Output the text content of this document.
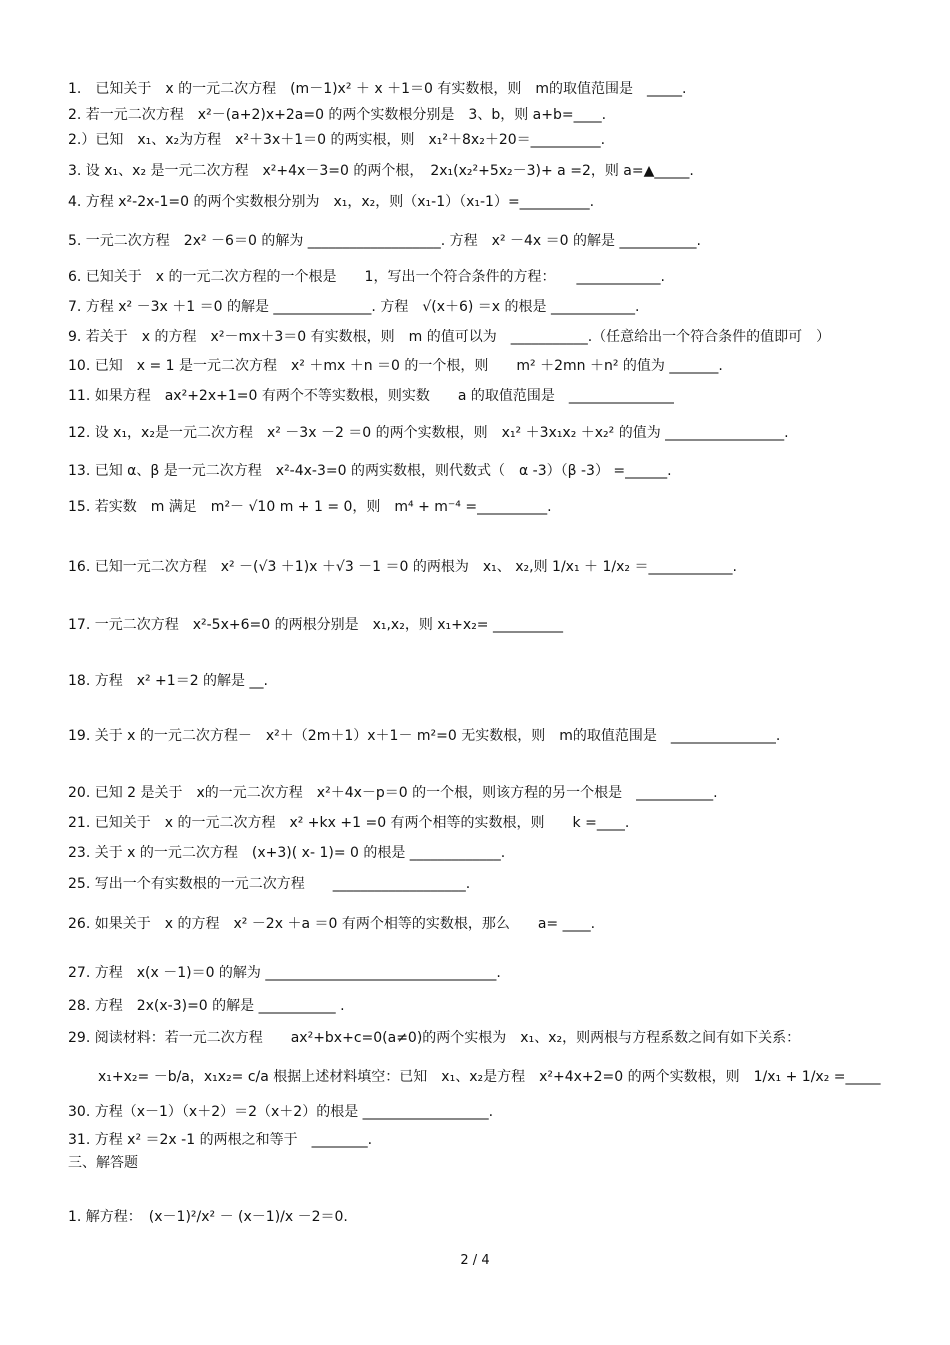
三、解答题
1. 解方程：　(x－1)²/x² － (x－1)/x －2＝0.
2 / 4
1.　已知关于　x 的一元二次方程　(m－1)x² ＋ x ＋1＝0 有实数根，则　m的取值范围是　_____.
2. 若一元二次方程　x²－(a+2)x+2a=0 的两个实数根分别是　3、b，则 a+b=____.
2.）已知　x₁、x₂为方程　x²＋3x＋1＝0 的两实根，则　x₁²＋8x₂＋20＝__________.
3. 设 x₁、x₂ 是一元二次方程　x²+4x－3=0 的两个根，　2x₁(x₂²+5x₂－3)+ a =2，则 a=▲_____.
4. 方程 x²-2x-1=0 的两个实数根分别为　x₁，x₂，则（x₁-1）（x₁-1）=__________.
5. 一元二次方程　2x² －6＝0 的解为 ___________________. 方程　x² －4x ＝0 的解是 ___________.
6. 已知关于　x 的一元二次方程的一个根是　　1，写出一个符合条件的方程：　　____________.
7. 方程 x² －3x ＋1 ＝0 的解是 ______________. 方程　√(x＋6) ＝x 的根是 ____________.
9. 若关于　x 的方程　x²－mx＋3＝0 有实数根，则　m 的值可以为　___________.（任意给出一个符合条件的值即可　）
10. 已知　x = 1 是一元二次方程　x² ＋mx ＋n ＝0 的一个根，则　　m² ＋2mn ＋n² 的值为 _______.
11. 如果方程　ax²+2x+1=0 有两个不等实数根，则实数　　a 的取值范围是　_______________
12. 设 x₁，x₂是一元二次方程　x² －3x －2 ＝0 的两个实数根，则　x₁² ＋3x₁x₂ ＋x₂² 的值为 _________________.
13. 已知 α、β 是一元二次方程　x²-4x-3=0 的两实数根，则代数式（　α -3）（β -3） =______.
15. 若实数　m 满足　m²－ √10 m + 1 = 0，则　m⁴ + m⁻⁴ =__________.
16. 已知一元二次方程　x² －(√3 ＋1)x ＋√3 －1 ＝0 的两根为　x₁、 x₂,则 1/x₁ ＋ 1/x₂ ＝____________.
17. 一元二次方程　x²-5x+6=0 的两根分别是　x₁,x₂，则 x₁+x₂= __________
18. 方程　x² +1＝2 的解是 __.
19. 关于 x 的一元二次方程－　x²＋（2m＋1）x＋1－ m²=0 无实数根，则　m的取值范围是　_______________.
20. 已知 2 是关于　x的一元二次方程　x²＋4x－p＝0 的一个根，则该方程的另一个根是　___________.
21. 已知关于　x 的一元二次方程　x² +kx +1 =0 有两个相等的实数根，则　　k =____.
23. 关于 x 的一元二次方程　(x+3)( x- 1)= 0 的根是 _____________.
25. 写出一个有实数根的一元二次方程　　___________________.
26. 如果关于　x 的方程　x² －2x ＋a ＝0 有两个相等的实数根，那么　　a= ____.
27. 方程　x(x －1)＝0 的解为 _________________________________.
28. 方程　2x(x-3)=0 的解是 ___________ .
29. 阅读材料：若一元二次方程　　ax²+bx+c=0(a≠0)的两个实根为　x₁、x₂，则两根与方程系数之间有如下关系：
x₁+x₂= －b/a，x₁x₂= c/a 根据上述材料填空：已知　x₁、x₂是方程　x²+4x+2=0 的两个实数根，则　1/x₁ + 1/x₂ =_____
30. 方程（x－1）（x＋2）＝2（x＋2）的根是 __________________.
31. 方程 x² ＝2x -1 的两根之和等于　________.
